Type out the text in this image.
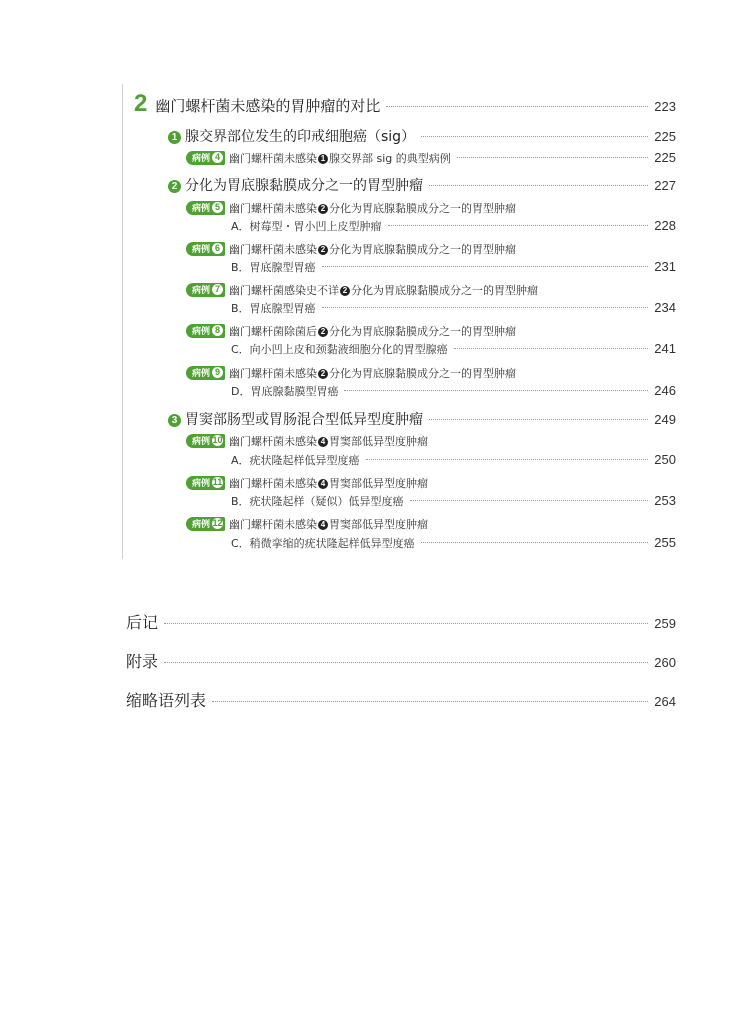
2 幽门螺杆菌未感染的胃肿瘤的对比	223
1 腺交界部位发生的印戒细胞癌（sig）	225
病例 4 幽门螺杆菌未感染 1 腺交界部 sig 的典型病例	225
2 分化为胃底腺黏膜成分之一的胃型肿瘤	227
病例 5 幽门螺杆菌未感染 2 分化为胃底腺黏膜成分之一的胃型肿瘤
A．树莓型・胃小凹上皮型肿瘤	228
病例 6 幽门螺杆菌未感染 2 分化为胃底腺黏膜成分之一的胃型肿瘤
B．胃底腺型胃癌	231
病例 7 幽门螺杆菌感染史不详 2 分化为胃底腺黏膜成分之一的胃型肿瘤
B．胃底腺型胃癌	234
病例 8 幽门螺杆菌除菌后 2 分化为胃底腺黏膜成分之一的胃型肿瘤
C．向小凹上皮和颈黏液细胞分化的胃型腺癌	241
病例 9 幽门螺杆菌未感染 2 分化为胃底腺黏膜成分之一的胃型肿瘤
D．胃底腺黏膜型胃癌	246
3 胃窦部肠型或胃肠混合型低异型度肿瘤	249
病例 10 幽门螺杆菌未感染 4 胃窦部低异型度肿瘤
A．疣状隆起样低异型度癌	250
病例 11 幽门螺杆菌未感染 4 胃窦部低异型度肿瘤
B．疣状隆起样（疑似）低异型度癌	253
病例 12 幽门螺杆菌未感染 4 胃窦部低异型度肿瘤
C．稍微挛缩的疣状隆起样低异型度癌	255
后记	259
附录	260
缩略语列表	264
